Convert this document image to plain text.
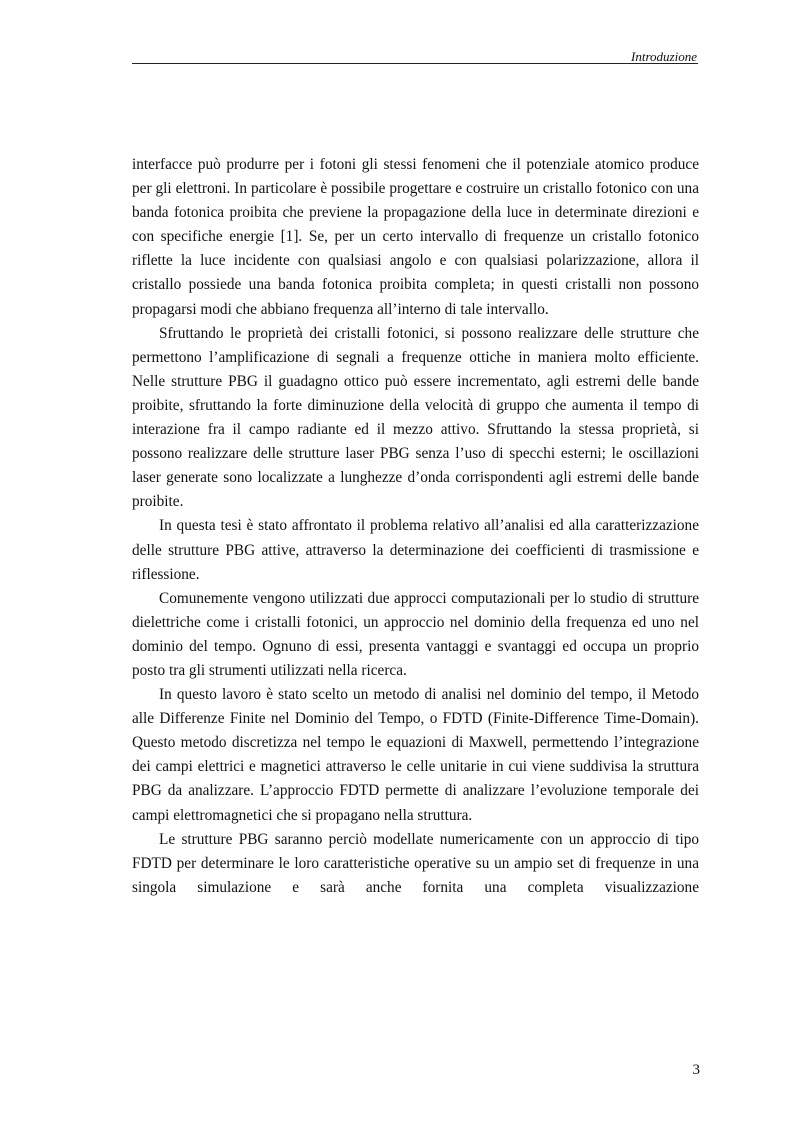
Introduzione

interfacce può produrre per i fotoni gli stessi fenomeni che il potenziale atomico produce per gli elettroni. In particolare è possibile progettare e costruire un cristallo fotonico con una banda fotonica proibita che previene la propagazione della luce in determinate direzioni e con specifiche energie [1]. Se, per un certo intervallo di frequenze un cristallo fotonico riflette la luce incidente con qualsiasi angolo e con qualsiasi polarizzazione, allora il cristallo possiede una banda fotonica proibita completa; in questi cristalli non possono propagarsi modi che abbiano frequenza all’interno di tale intervallo.

Sfruttando le proprietà dei cristalli fotonici, si possono realizzare delle strutture che permettono l’amplificazione di segnali a frequenze ottiche in maniera molto efficiente. Nelle strutture PBG il guadagno ottico può essere incrementato, agli estremi delle bande proibite, sfruttando la forte diminuzione della velocità di gruppo che aumenta il tempo di interazione fra il campo radiante ed il mezzo attivo. Sfruttando la stessa proprietà, si possono realizzare delle strutture laser PBG senza l’uso di specchi esterni; le oscillazioni laser generate sono localizzate a lunghezze d’onda corrispondenti agli estremi delle bande proibite.

In questa tesi è stato affrontato il problema relativo all’analisi ed alla caratterizzazione delle strutture PBG attive, attraverso la determinazione dei coefficienti di trasmissione e riflessione.

Comunemente vengono utilizzati due approcci computazionali per lo studio di strutture dielettriche come i cristalli fotonici, un approccio nel dominio della frequenza ed uno nel dominio del tempo. Ognuno di essi, presenta vantaggi e svantaggi ed occupa un proprio posto tra gli strumenti utilizzati nella ricerca.

In questo lavoro è stato scelto un metodo di analisi nel dominio del tempo, il Metodo alle Differenze Finite nel Dominio del Tempo, o FDTD (Finite-Difference Time-Domain). Questo metodo discretizza nel tempo le equazioni di Maxwell, permettendo l’integrazione dei campi elettrici e magnetici attraverso le celle unitarie in cui viene suddivisa la struttura PBG da analizzare. L’approccio FDTD permette di analizzare l’evoluzione temporale dei campi elettromagnetici che si propagano nella struttura.

Le strutture PBG saranno perciò modellate numericamente con un approccio di tipo FDTD per determinare le loro caratteristiche operative su un ampio set di frequenze in una singola simulazione e sarà anche fornita una completa visualizzazione

3
